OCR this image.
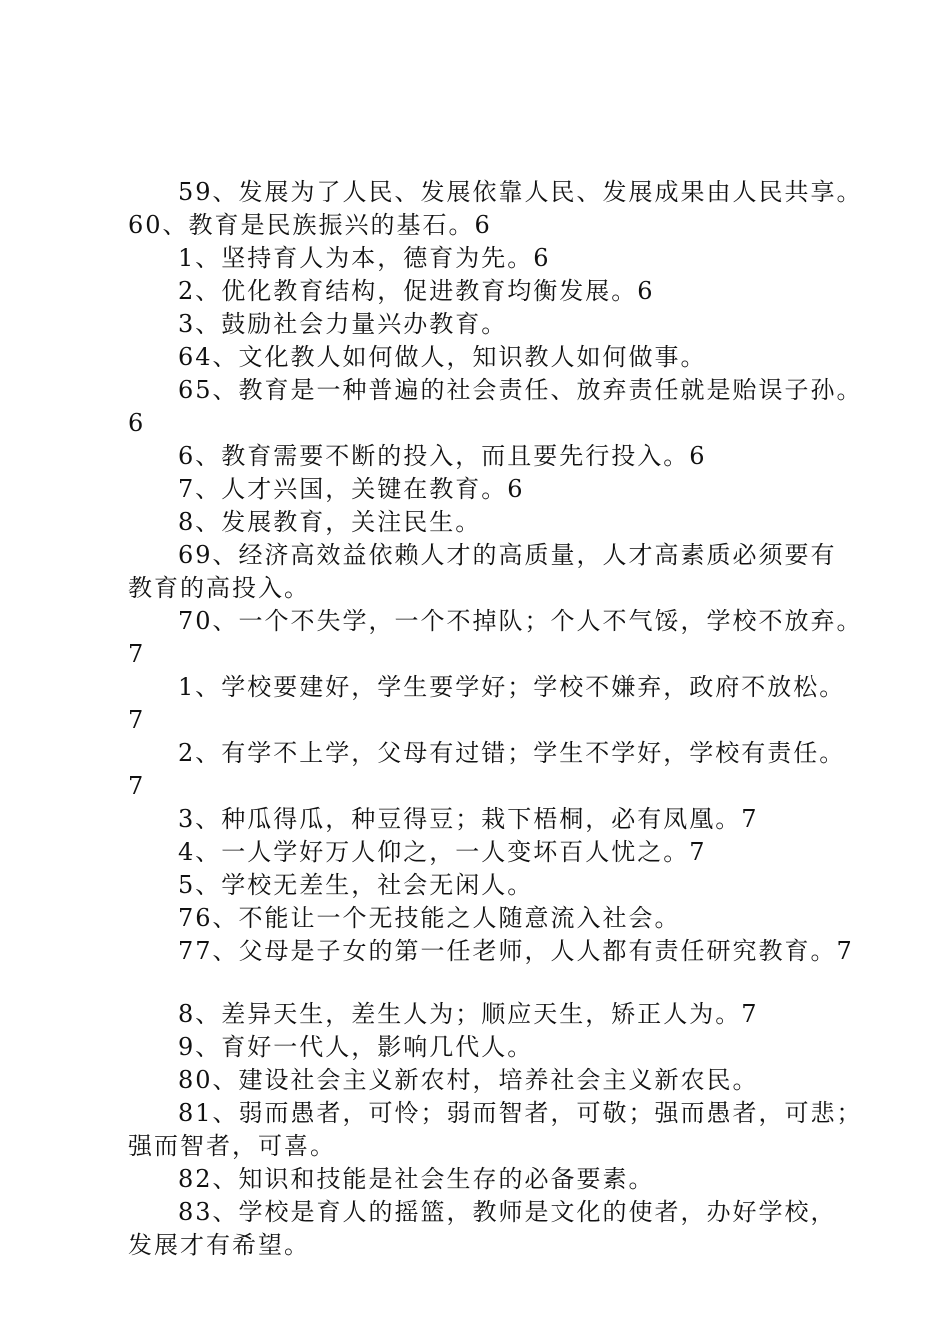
59、发展为了人民、发展依靠人民、发展成果由人民共享。
60、教育是民族振兴的基石。6
1、坚持育人为本，德育为先。6
2、优化教育结构，促进教育均衡发展。6
3、鼓励社会力量兴办教育。
64、文化教人如何做人，知识教人如何做事。
65、教育是一种普遍的社会责任、放弃责任就是贻误子孙。
6
6、教育需要不断的投入，而且要先行投入。6
7、人才兴国，关键在教育。6
8、发展教育，关注民生。
69、经济高效益依赖人才的高质量，人才高素质必须要有
教育的高投入。
70、一个不失学，一个不掉队；个人不气馁，学校不放弃。
7
1、学校要建好，学生要学好；学校不嫌弃，政府不放松。
7
2、有学不上学，父母有过错；学生不学好，学校有责任。
7
3、种瓜得瓜，种豆得豆；栽下梧桐，必有凤凰。7
4、一人学好万人仰之，一人变坏百人忧之。7
5、学校无差生，社会无闲人。
76、不能让一个无技能之人随意流入社会。
77、父母是子女的第一任老师，人人都有责任研究教育。7
8、差异天生，差生人为；顺应天生，矫正人为。7
9、育好一代人，影响几代人。
80、建设社会主义新农村，培养社会主义新农民。
81、弱而愚者，可怜；弱而智者，可敬；强而愚者，可悲；
强而智者，可喜。
82、知识和技能是社会生存的必备要素。
83、学校是育人的摇篮，教师是文化的使者，办好学校，
发展才有希望。
